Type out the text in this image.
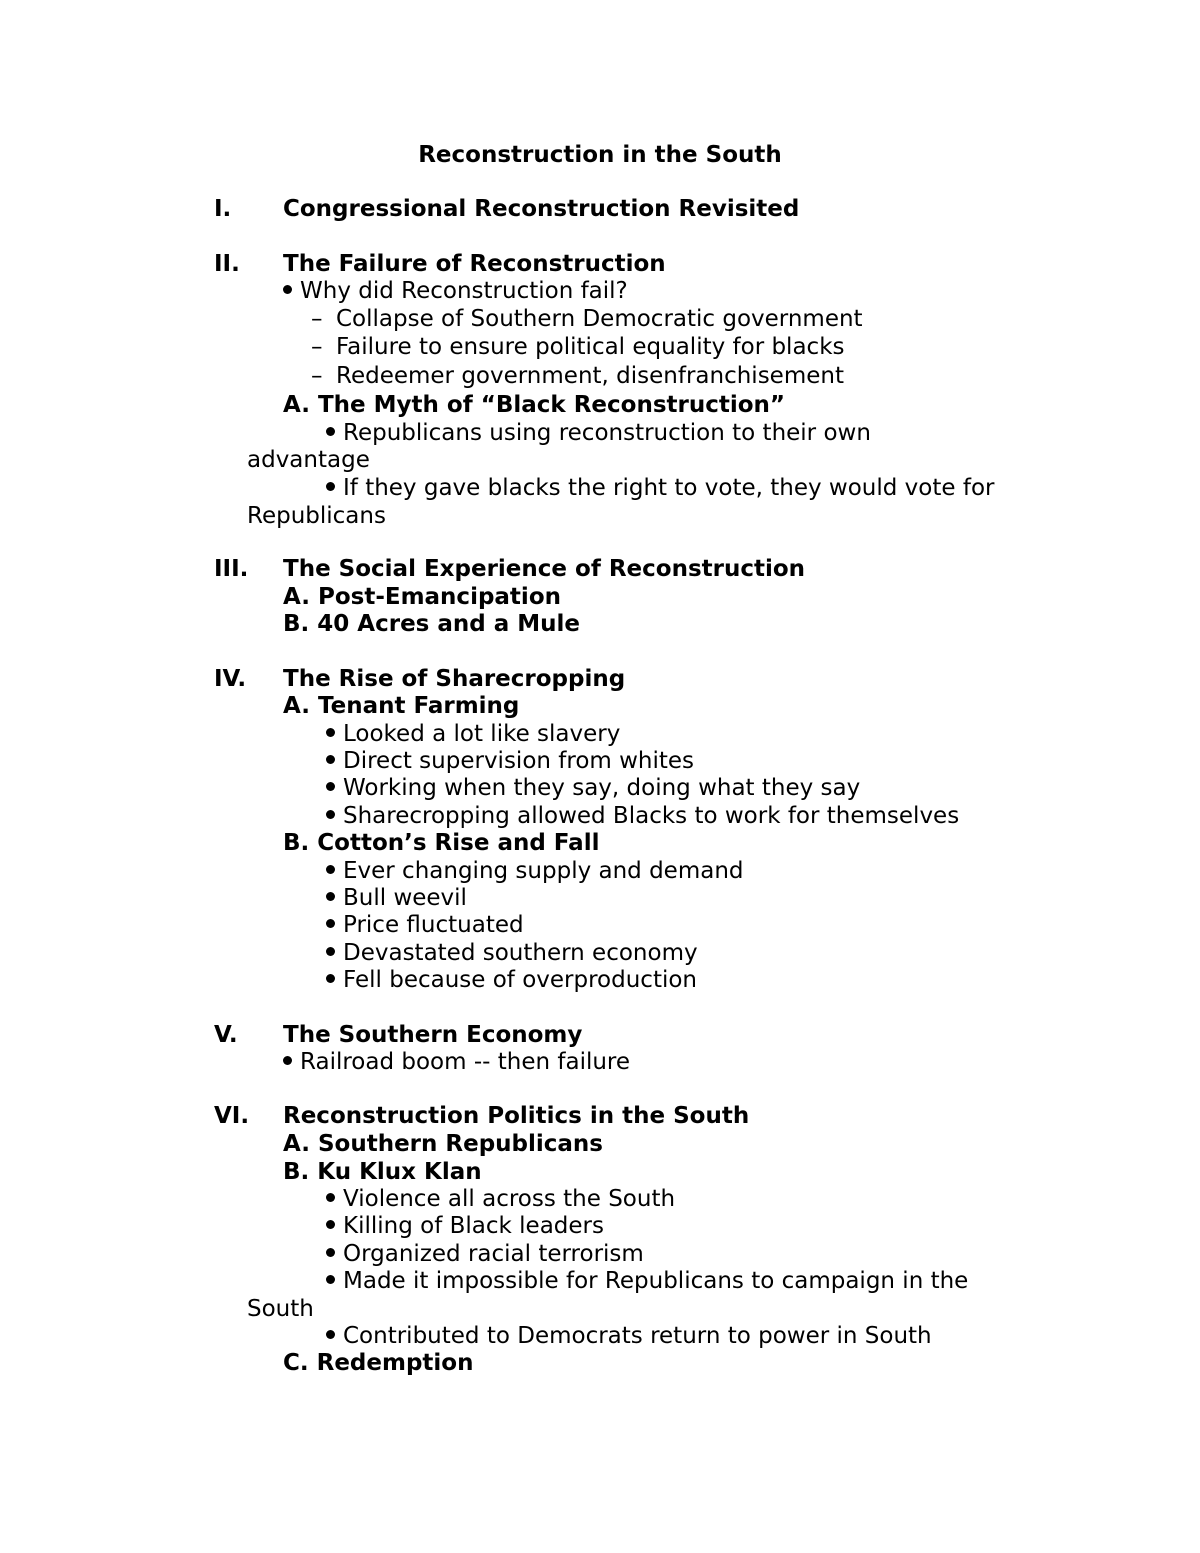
Reconstruction in the South
I. Congressional Reconstruction Revisited
II. The Failure of Reconstruction
Why did Reconstruction fail?
– Collapse of Southern Democratic government
– Failure to ensure political equality for blacks
– Redeemer government, disenfranchisement
A. The Myth of “Black Reconstruction”
Republicans using reconstruction to their own
advantage
If they gave blacks the right to vote, they would vote for
Republicans
III. The Social Experience of Reconstruction
A. Post-Emancipation
B. 40 Acres and a Mule
IV. The Rise of Sharecropping
A. Tenant Farming
Looked a lot like slavery
Direct supervision from whites
Working when they say, doing what they say
Sharecropping allowed Blacks to work for themselves
B. Cotton’s Rise and Fall
Ever changing supply and demand
Bull weevil
Price fluctuated
Devastated southern economy
Fell because of overproduction
V. The Southern Economy
Railroad boom -- then failure
VI. Reconstruction Politics in the South
A. Southern Republicans
B. Ku Klux Klan
Violence all across the South
Killing of Black leaders
Organized racial terrorism
Made it impossible for Republicans to campaign in the
South
Contributed to Democrats return to power in South
C. Redemption
